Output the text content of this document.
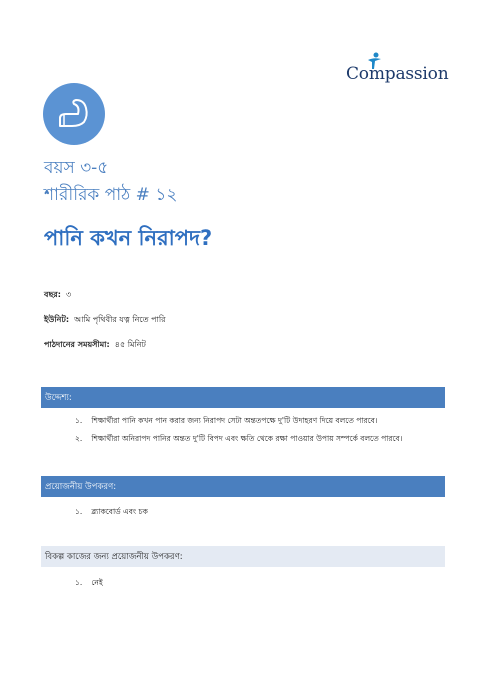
Compassion
বয়স ৩-৫
শারীরিক পাঠ # ১২
পানি কখন নিরাপদ?
বছর: ৩
ইউনিট: আমি পৃথিবীর যত্ন নিতে পারি
পাঠদানের সময়সীমা: ৪৫ মিনিট
উদ্দেশ্য:
১. শিক্ষার্থীরা পানি কখন পান করার জন্য নিরাপদ সেটা অন্ততপক্ষে দু'টি উদাহরণ দিয়ে বলতে পারবে।
২. শিক্ষার্থীরা অনিরাপদ পানির অন্তত দু'টি বিপদ এবং ক্ষতি থেকে রক্ষা পাওয়ার উপায় সম্পর্কে বলতে পারবে।
প্রয়োজনীয় উপকরণ:
১. ব্ল্যাকবোর্ড এবং চক
বিকল্প কাজের জন্য প্রয়োজনীয় উপকরণ:
১. নেই
